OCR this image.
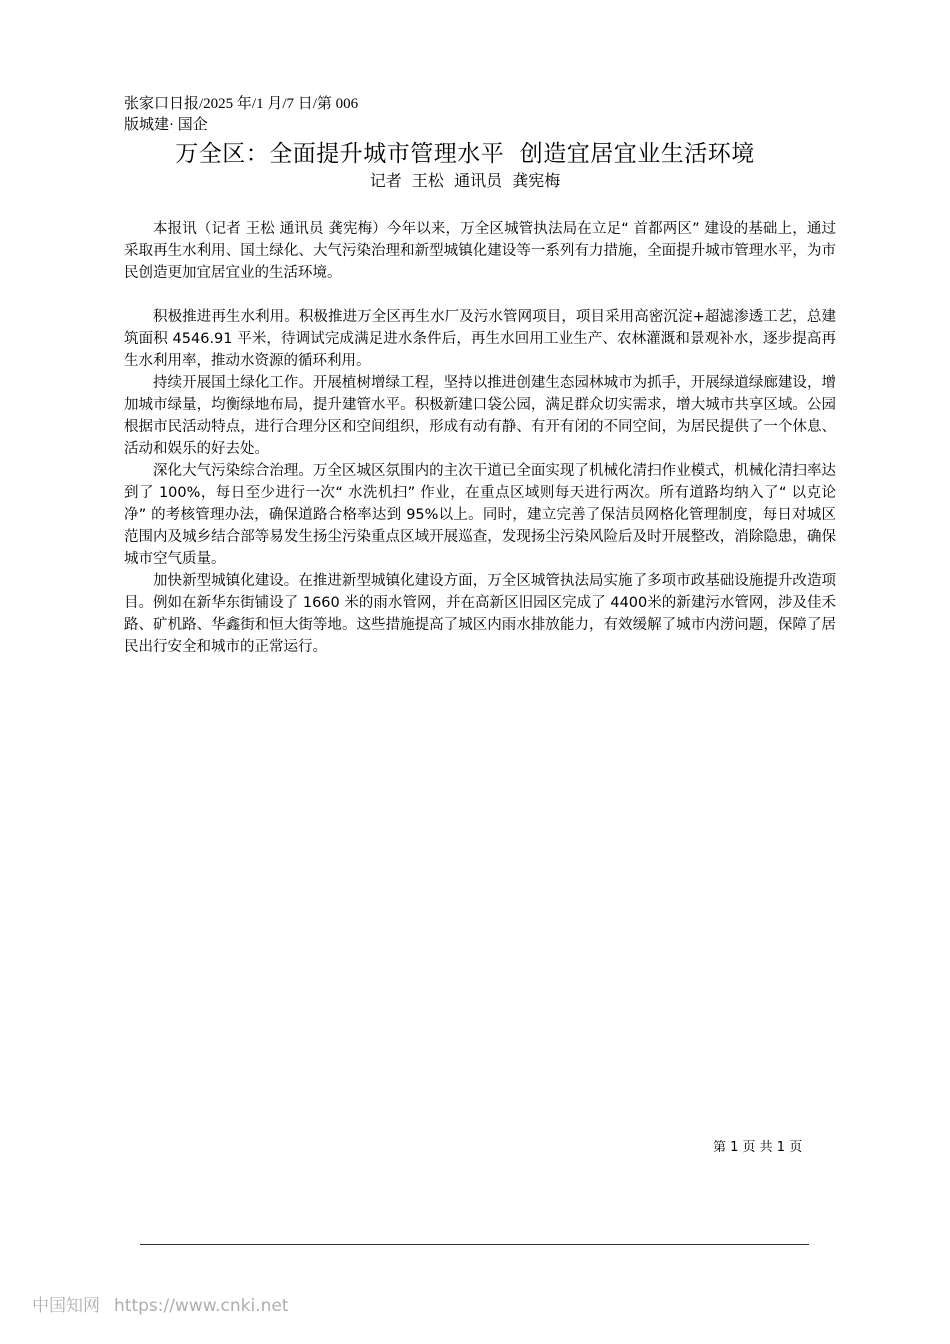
张家口日报/2025 年/1 月/7 日/第 006
版城建· 国企
万全区：全面提升城市管理水平  创造宜居宜业生活环境
记者  王松  通讯员  龚宪梅

本报讯（记者 王松 通讯员 龚宪梅）今年以来，万全区城管执法局在立足“ 首都两区” 建设的基础上，通过采取再生水利用、国土绿化、大气污染治理和新型城镇化建设等一系列有力措施，全面提升城市管理水平，为市民创造更加宜居宜业的生活环境。

积极推进再生水利用。积极推进万全区再生水厂及污水管网项目，项目采用高密沉淀+超滤渗透工艺，总建筑面积 4546.91 平米，待调试完成满足进水条件后，再生水回用工业生产、农林灌溉和景观补水，逐步提高再生水利用率，推动水资源的循环利用。

持续开展国土绿化工作。开展植树增绿工程，坚持以推进创建生态园林城市为抓手，开展绿道绿廊建设，增加城市绿量，均衡绿地布局，提升建管水平。积极新建口袋公园，满足群众切实需求，增大城市共享区域。公园根据市民活动特点，进行合理分区和空间组织，形成有动有静、有开有闭的不同空间，为居民提供了一个休息、活动和娱乐的好去处。

深化大气污染综合治理。万全区城区氛围内的主次干道已全面实现了机械化清扫作业模式，机械化清扫率达到了 100%，每日至少进行一次“ 水洗机扫” 作业，在重点区域则每天进行两次。所有道路均纳入了“ 以克论净” 的考核管理办法，确保道路合格率达到 95%以上。同时，建立完善了保洁员网格化管理制度，每日对城区范围内及城乡结合部等易发生扬尘污染重点区域开展巡查，发现扬尘污染风险后及时开展整改，消除隐患，确保城市空气质量。

加快新型城镇化建设。在推进新型城镇化建设方面，万全区城管执法局实施了多项市政基础设施提升改造项目。例如在新华东街铺设了 1660 米的雨水管网，并在高新区旧园区完成了 4400米的新建污水管网，涉及佳禾路、矿机路、华鑫街和恒大街等地。这些措施提高了城区内雨水排放能力，有效缓解了城市内涝问题，保障了居民出行安全和城市的正常运行。

第 1 页 共 1 页
中国知网 https://www.cnki.net
